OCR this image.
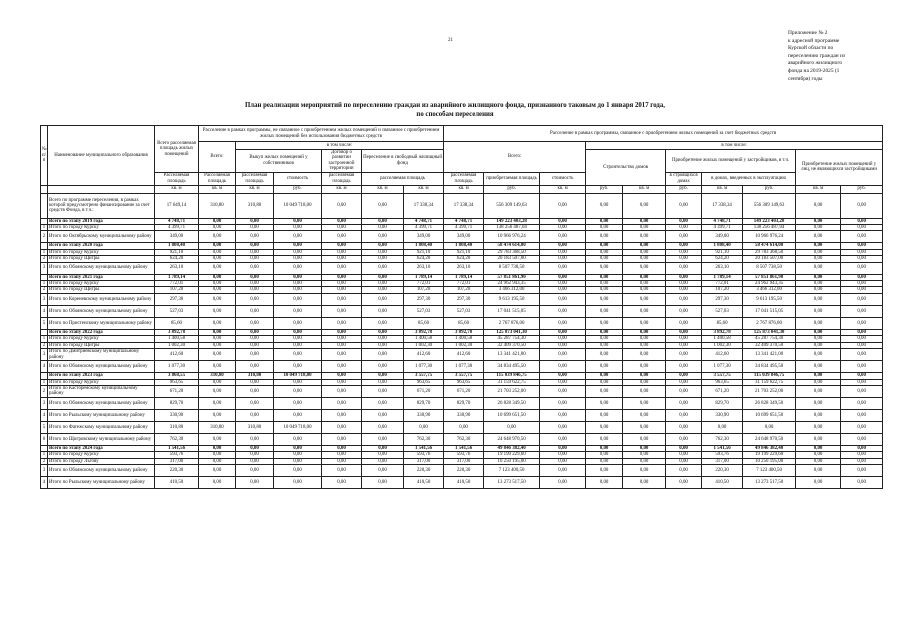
21
Приложение № 2
к адресной программе
Курской области по
переселению граждан из
аварийного жилищного
фонда на 2019-2025 (1
сентября) годы
План реализации мероприятий по переселению граждан из аварийного жилищного фонда, признанного таковым до 1 января 2017 года,
по способам переселения
№ п/п	Наименование муниципального образования	Всего расселяемая площадь жилых помещений	Расселение в рамках программы, не связанное с приобретением жилых помещений и связанное с приобретением жилых помещений без использования бюджетных средств						Расселение в рамках программы, связанное с приобретением жилых помещений за счет бюджетных средств									
			Всего:	в том числе:					Всего:			в том числе:						
				Выкуп жилых помещений у собственников		Договор о развитии застроенной территории	Переселение в свободный жилищный фонд					Строительство домов		Приобретение жилых помещений у застройщиков, в т.ч.			Приобретение жилых помещений у лиц, не являющихся застройщиками	
		Расселяемая площадь	Расселяемая площадь	расселяемая площадь	стоимость	расселяемая площадь	расселяемая площадь		расселяемая площадь	приобретаемая площадь	стоимость			в строящихся домах	в домах, введенных в эксплуатацию			
		кв. м	кв. м	кв. м	руб.	кв. м	кв. м	кв. м	кв. м	руб.	кв. м	руб.	кв. м	руб.	кв. м	руб.	кв. м	руб.
	Всего по программе переселения, в рамках которой предусмотрено финансирование за счет средств Фонда, в т.ч.:	17 649,14	310,80	310,80	10 049 718,00	0,00	0,00	17 338,34	17 338,34	556 309 149,63	0,00	0,00	0,00	0,00	17 338,34	556 309 149,63	0,00	0,00
	Всего по этапу 2019 года	4 748,71	0,00	0,00	0,00	0,00	0,00	4 748,71	4 748,71	149 223 403,28	0,00	0,00	0,00	0,00	4 748,71	149 223 403,28	0,00	0,00
1	Итого по городу Курску	4 399,71	0,00	0,00	0,00	0,00	0,00	4 399,71	4 399,71	138 256 487,04	0,00	0,00	0,00	0,00	4 399,71	138 256 487,04	0,00	0,00
2	Итого по Октябрьскому муниципальному району	349,00	0,00	0,00	0,00	0,00	0,00	349,00	349,00	10 966 976,24	0,00	0,00	0,00	0,00	349,00	10 966 976,24	0,00	0,00
	Всего по этапу 2020 года	1 808,40	0,00	0,00	0,00	0,00	0,00	1 808,40	1 808,40	58 474 614,00	0,00	0,00	0,00	0,00	1 808,40	58 474 614,00	0,00	0,00
1	Итого по городу Курску	921,10	0,00	0,00	0,00	0,00	0,00	921,10	921,10	29 783 368,50	0,00	0,00	0,00	0,00	921,10	29 783 368,50	0,00	0,00
2	Итого по городу Щигры	624,20	0,00	0,00	0,00	0,00	0,00	624,20	624,20	20 183 507,00	0,00	0,00	0,00	0,00	624,20	20 183 507,00	0,00	0,00
3	Итого по Обоянскому муниципальному району	263,10	0,00	0,00	0,00	0,00	0,00	263,10	263,10	8 507 738,50	0,00	0,00	0,00	0,00	263,10	8 507 738,50	0,00	0,00
	Всего по этапу 2021 года	1 789,14	0,00	0,00	0,00	0,00	0,00	1 789,14	1 789,14	57 851 861,90	0,00	0,00	0,00	0,00	1 789,14	57 851 861,90	0,00	0,00
1	Итого по городу Курску	772,01	0,00	0,00	0,00	0,00	0,00	772,01	772,01	24 962 943,35	0,00	0,00	0,00	0,00	772,01	24 962 943,35	0,00	0,00
2	Итого по городу Щигры	107,20	0,00	0,00	0,00	0,00	0,00	107,20	107,20	3 466 312,00	0,00	0,00	0,00	0,00	107,20	3 466 312,00	0,00	0,00
3	Итого по Кореневскому муниципальному району	297,30	0,00	0,00	0,00	0,00	0,00	297,30	297,30	9 613 195,50	0,00	0,00	0,00	0,00	297,30	9 613 195,50	0,00	0,00
4	Итого по Обоянскому муниципальному району	527,03	0,00	0,00	0,00	0,00	0,00	527,03	527,03	17 041 515,05	0,00	0,00	0,00	0,00	527,03	17 041 515,05	0,00	0,00
5	Итого по Пристенскому муниципальному району	85,60	0,00	0,00	0,00	0,00	0,00	85,60	85,60	2 767 876,00	0,00	0,00	0,00	0,00	85,60	2 767 876,00	0,00	0,00
	Всего по этапу 2022 года	3 892,78	0,00	0,00	0,00	0,00	0,00	3 892,78	3 892,78	125 873 041,30	0,00	0,00	0,00	0,00	3 892,78	125 873 041,30	0,00	0,00
1	Итого по городу Курску	1 400,58	0,00	0,00	0,00	0,00	0,00	1 400,58	1 400,58	45 287 754,30	0,00	0,00	0,00	0,00	1 400,58	45 287 754,30	0,00	0,00
2	Итого по городу Щигры	1 002,30	0,00	0,00	0,00	0,00	0,00	1 002,30	1 002,30	32 409 370,50	0,00	0,00	0,00	0,00	1 002,30	32 409 370,50	0,00	0,00
3	Итого по Дмитриевскому муниципальному району	412,60	0,00	0,00	0,00	0,00	0,00	412,60	412,60	13 341 421,00	0,00	0,00	0,00	0,00	412,60	13 341 421,00	0,00	0,00
4	Итого по Обоянскому муниципальному району	1 077,30	0,00	0,00	0,00	0,00	0,00	1 077,30	1 077,30	34 834 495,50	0,00	0,00	0,00	0,00	1 077,30	34 834 495,50	0,00	0,00
	Всего по этапу 2023 года	3 868,55	310,80	310,80	10 049 718,00	0,00	0,00	3 557,75	3 557,75	115 039 846,75	0,00	0,00	0,00	0,00	3 557,75	115 039 846,75	0,00	0,00
1	Итого по городу Курску	963,65	0,00	0,00	0,00	0,00	0,00	963,65	963,65	31 159 622,75	0,00	0,00	0,00	0,00	963,65	31 159 622,75	0,00	0,00
2	Итого по Касторенскому муниципальному району	671,20	0,00	0,00	0,00	0,00	0,00	671,20	671,20	21 703 252,00	0,00	0,00	0,00	0,00	671,20	21 703 252,00	0,00	0,00
3	Итого по Обоянскому муниципальному району	829,70	0,00	0,00	0,00	0,00	0,00	829,70	829,70	26 828 349,50	0,00	0,00	0,00	0,00	829,70	26 828 349,50	0,00	0,00
4	Итого по Рыльскому муниципальному району	330,90	0,00	0,00	0,00	0,00	0,00	330,90	330,90	10 699 651,50	0,00	0,00	0,00	0,00	330,90	10 699 651,50	0,00	0,00
5	Итого по Фатежскому муниципальному району	310,80	310,80	310,80	10 049 718,00	0,00	0,00	0,00	0,00	0,00	0,00	0,00	0,00	0,00	0,00	0,00	0,00	0,00
6	Итого по Щигровскому муниципальному району	762,30	0,00	0,00	0,00	0,00	0,00	762,30	762,30	24 648 970,50	0,00	0,00	0,00	0,00	762,30	24 648 970,50	0,00	0,00
	Всего по этапу 2024 года	1 541,56	0,00	0,00	0,00	0,00	0,00	1 541,56	1 541,56	49 846 382,40	0,00	0,00	0,00	0,00	1 541,56	49 846 382,40	0,00	0,00
1	Итого по городу Курску	593,76	0,00	0,00	0,00	0,00	0,00	593,76	593,76	19 199 229,60	0,00	0,00	0,00	0,00	593,76	19 199 229,60	0,00	0,00
2	Итого по городу Льгову	317,00	0,00	0,00	0,00	0,00	0,00	317,00	317,00	10 250 195,00	0,00	0,00	0,00	0,00	317,00	10 250 195,00	0,00	0,00
3	Итого по Обоянскому муниципальному району	220,30	0,00	0,00	0,00	0,00	0,00	220,30	220,30	7 123 400,50	0,00	0,00	0,00	0,00	220,30	7 123 400,50	0,00	0,00
4	Итого по Рыльскому муниципальному району	410,50	0,00	0,00	0,00	0,00	0,00	410,50	410,50	13 273 517,50	0,00	0,00	0,00	0,00	410,50	13 273 517,50	0,00	0,00
